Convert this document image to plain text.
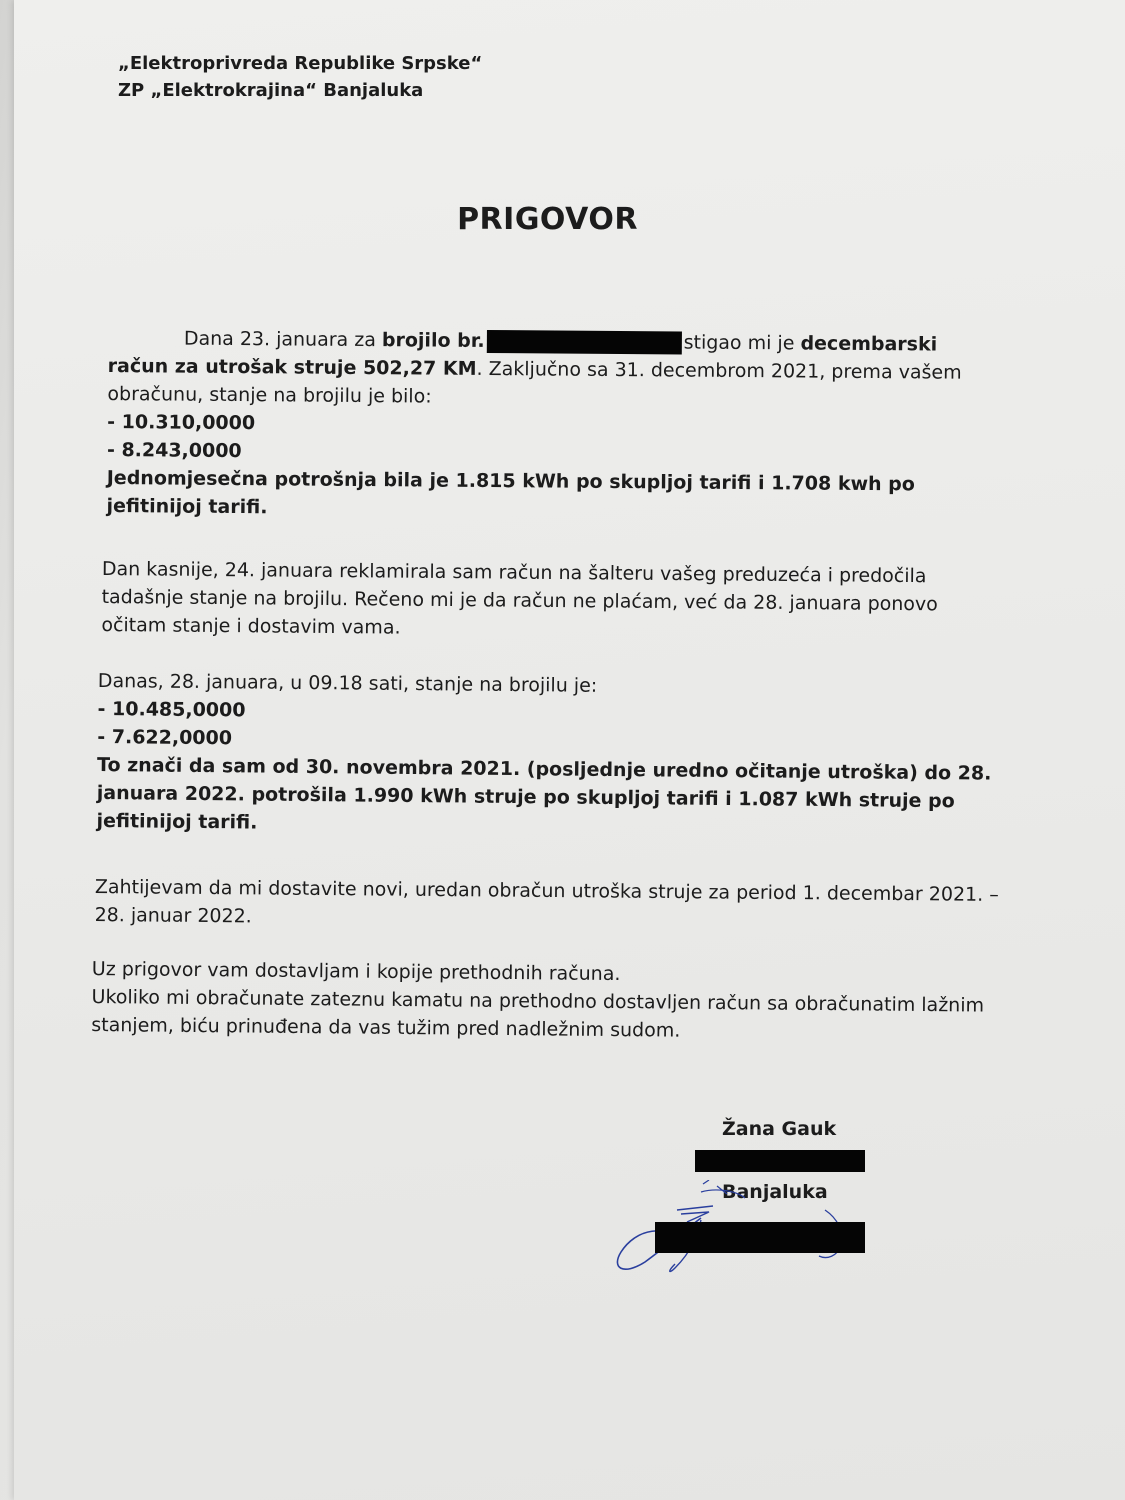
„Elektroprivreda Republike Srpske“
ZP „Elektrokrajina“ Banjaluka
PRIGOVOR

Dana 23. januara za brojilo br.	stigao mi je decembarski račun za utrošak struje 502,27 KM. Zaključno sa 31. decembrom 2021, prema vašem obračunu, stanje na brojilu je bilo:

- 10.310,0000
- 8.243,0000
Jednomjesečna potrošnja bila je 1.815 kWh po skupljoj tarifi i 1.708 kwh po jefitinijoj tarifi.

Dan kasnije, 24. januara reklamirala sam račun na šalteru vašeg preduzeća i predočila tadašnje stanje na brojilu. Rečeno mi je da račun ne plaćam, već da 28. januara ponovo očitam stanje i dostavim vama.

Danas, 28. januara, u 09.18 sati, stanje na brojilu je:
- 10.485,0000
- 7.622,0000
To znači da sam od 30. novembra 2021. (posljednje uredno očitanje utroška) do 28. januara 2022. potrošila 1.990 kWh struje po skupljoj tarifi i 1.087 kWh struje po jefitinijoj tarifi.

Zahtijevam da mi dostavite novi, uredan obračun utroška struje za period 1. decembar 2021. – 28. januar 2022.

Uz prigovor vam dostavljam i kopije prethodnih računa.
Ukoliko mi obračunate zateznu kamatu na prethodno dostavljen račun sa obračunatim lažnim stanjem, biću prinuđena da vas tužim pred nadležnim sudom.
Žana Gauk
Banjaluka
